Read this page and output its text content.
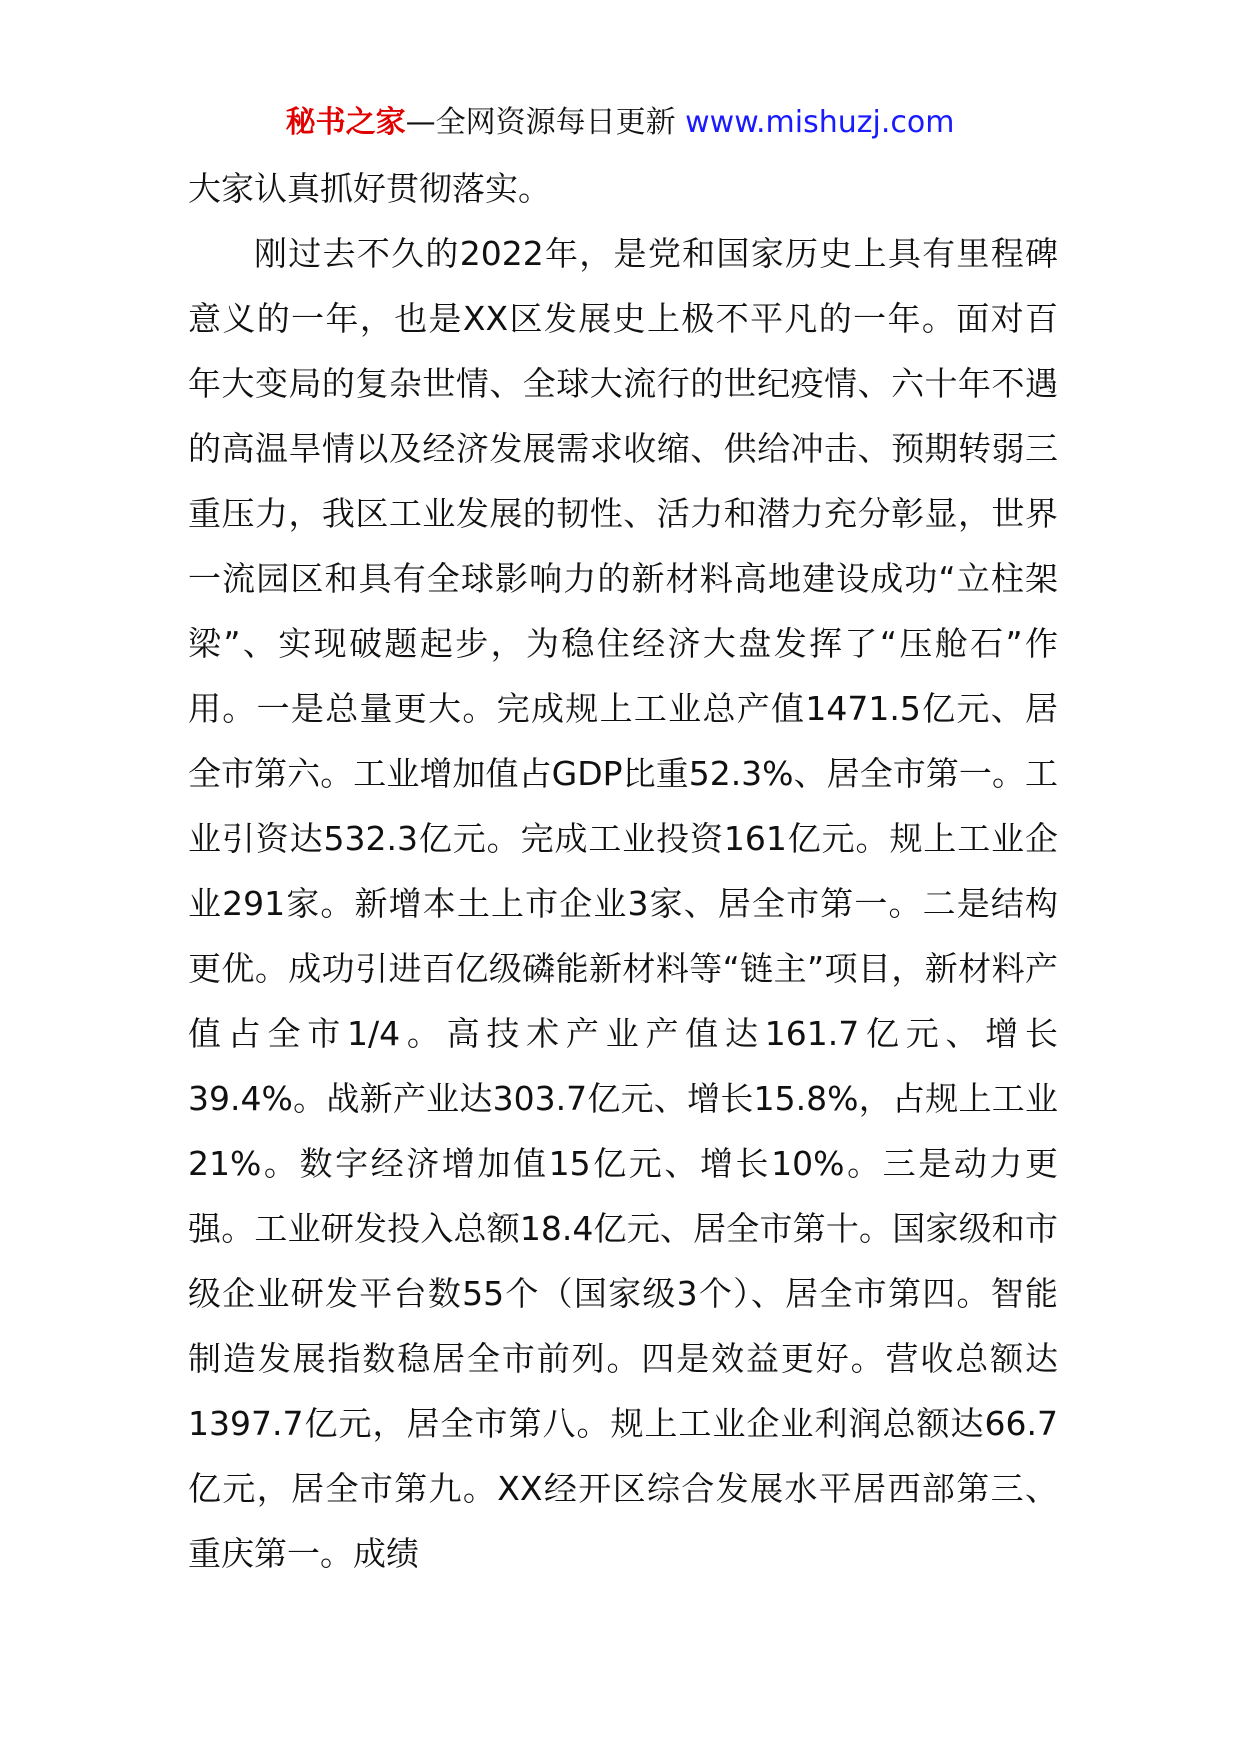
秘书之家—全网资源每日更新 www.mishuzj.com

大家认真抓好贯彻落实。

刚过去不久的2022年，是党和国家历史上具有里程碑意义的一年，也是XX区发展史上极不平凡的一年。面对百年大变局的复杂世情、全球大流行的世纪疫情、六十年不遇的高温旱情以及经济发展需求收缩、供给冲击、预期转弱三重压力，我区工业发展的韧性、活力和潜力充分彰显，世界一流园区和具有全球影响力的新材料高地建设成功“立柱架梁”、实现破题起步，为稳住经济大盘发挥了“压舱石”作用。一是总量更大。完成规上工业总产值1471.5亿元、居全市第六。工业增加值占GDP比重52.3%、居全市第一。工业引资达532.3亿元。完成工业投资161亿元。规上工业企业291家。新增本土上市企业3家、居全市第一。二是结构更优。成功引进百亿级磷能新材料等“链主”项目，新材料产值占全市1/4。高技术产业产值达161.7亿元、增长39.4%。战新产业达303.7亿元、增长15.8%，占规上工业21%。数字经济增加值15亿元、增长10%。三是动力更强。工业研发投入总额18.4亿元、居全市第十。国家级和市级企业研发平台数55个（国家级3个）、居全市第四。智能制造发展指数稳居全市前列。四是效益更好。营收总额达1397.7亿元，居全市第八。规上工业企业利润总额达66.7亿元，居全市第九。XX经开区综合发展水平居西部第三、重庆第一。成绩
